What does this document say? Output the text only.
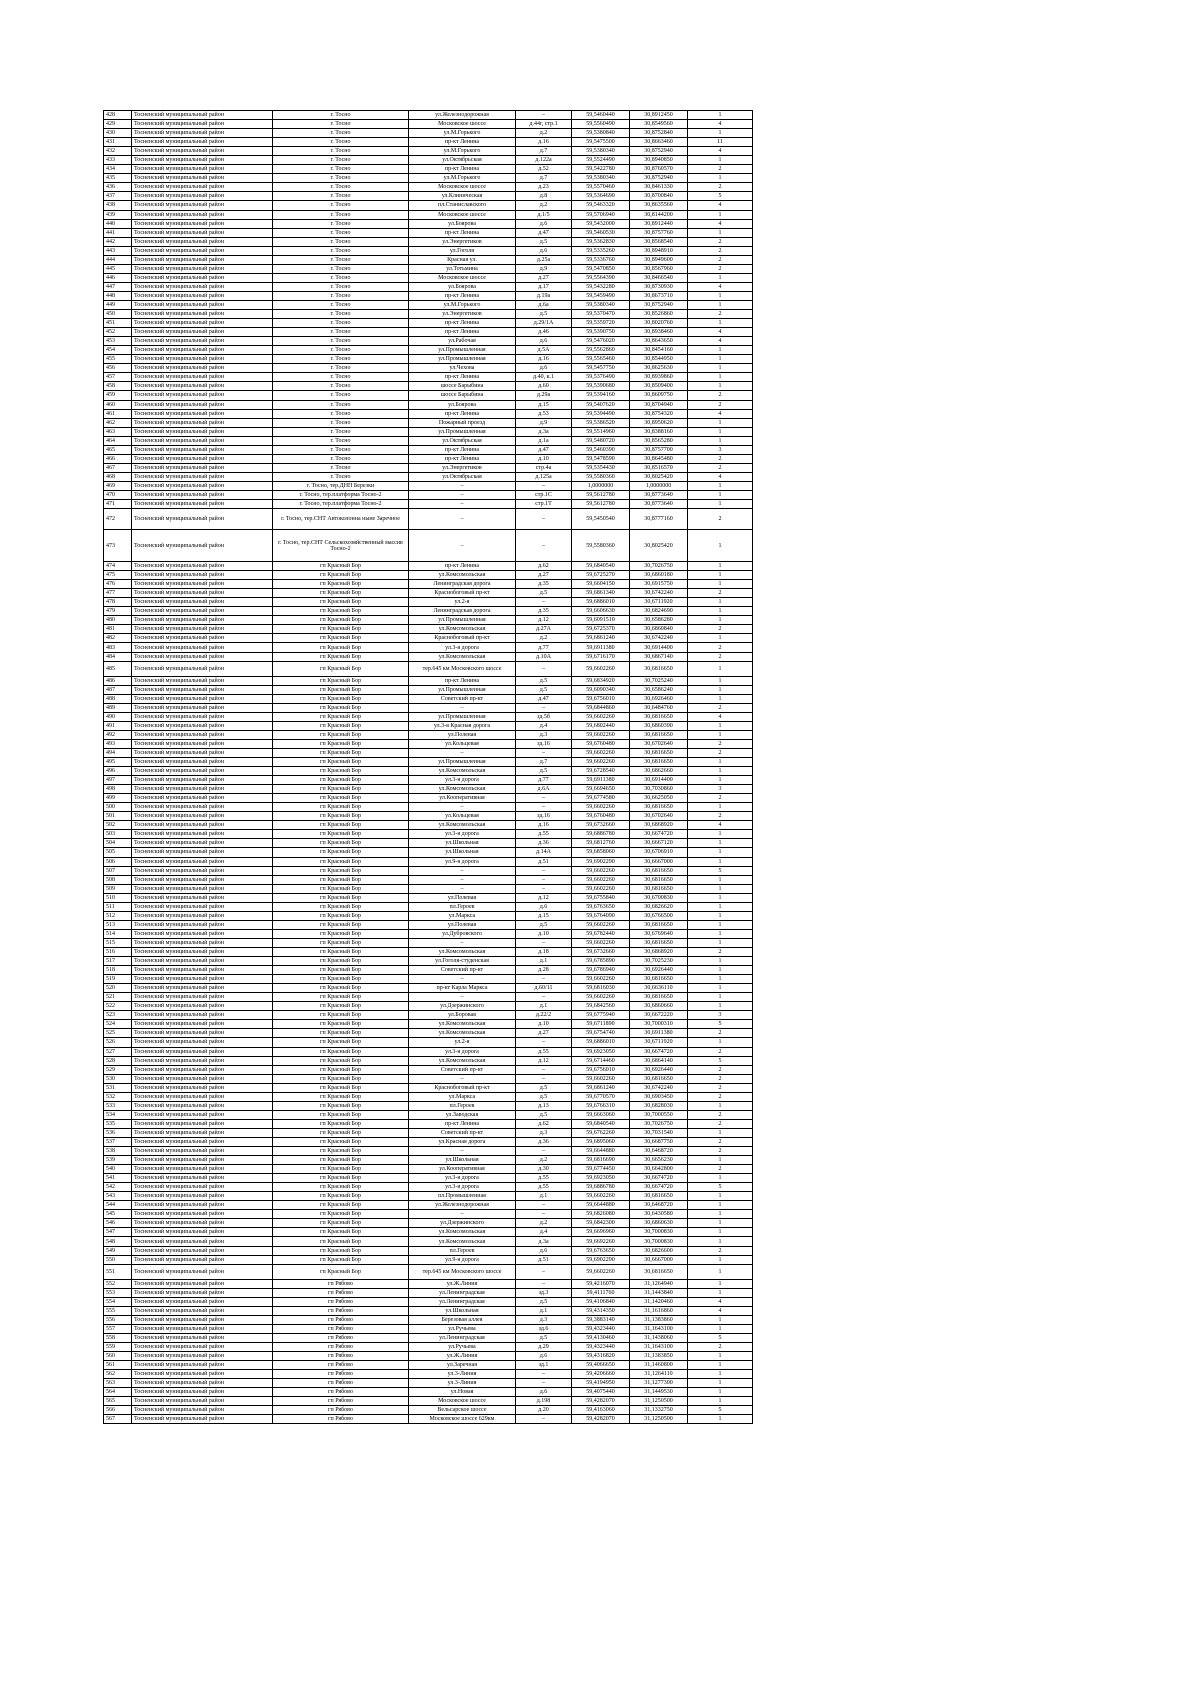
428	Тосненский муниципальный район	г. Тосно	ул.Железнодорожная	–	59,5460440	30,8912450	1
429	Тосненский муниципальный район	г. Тосно	Московское шоссе	д.44г, стр.1	59,5560490	30,8549560	4
430	Тосненский муниципальный район	г. Тосно	ул.М.Горького	д.2	59,5380840	30,8752840	1
431	Тосненский муниципальный район	г. Тосно	пр-кт Ленина	д.16	59,5475500	30,8663460	11
432	Тосненский муниципальный район	г. Тосно	ул.М.Горького	д.7	59,5380340	30,8752940	4
433	Тосненский муниципальный район	г. Тосно	ул.Октябрьская	д.122а	59,5524490	30,8940850	1
434	Тосненский муниципальный район	г. Тосно	пр-кт Ленина	д.52	59,5422780	30,8760570	2
435	Тосненский муниципальный район	г. Тосно	ул.М.Горького	д.7	59,5380340	30,8752940	1
436	Тосненский муниципальный район	г. Тосно	Московское шоссе	д.23	59,5570460	30,8461330	2
437	Тосненский муниципальный район	г. Тосно	ул.Клиническая	д.8	59,5364690	30,8700840	5
438	Тосненский муниципальный район	г. Тосно	пл.Станиславского	д.2	59,5463320	30,8635560	4
439	Тосненский муниципальный район	г. Тосно	Московское шоссе	д.1/5	59,5706940	30,8144200	1
440	Тосненский муниципальный район	г. Тосно	ул.Боярова	д.6	59,5432000	30,8912440	4
441	Тосненский муниципальный район	г. Тосно	пр-кт Ленина	д.47	59,5460530	30,8757760	1
442	Тосненский муниципальный район	г. Тосно	ул.Энергетиков	д.5	59,5362830	30,8568540	2
443	Тосненский муниципальный район	г. Тосно	ул.Гоголя	д.6	59,5335260	30,8948910	2
444	Тосненский муниципальный район	г. Тосно	Красная ул.	д.25а	59,5336760	30,8949600	2
445	Тосненский муниципальный район	г. Тосно	ул.Тотьмина	д.9	59,5470850	30,8567960	2
446	Тосненский муниципальный район	г. Тосно	Московское шоссе	д.27	59,5564390	30,8466540	1
447	Тосненский муниципальный район	г. Тосно	ул.Боярова	д.17	59,5432280	30,8730930	4
448	Тосненский муниципальный район	г. Тосно	пр-кт Ленина	д.19а	59,5459490	30,8673710	1
449	Тосненский муниципальный район	г. Тосно	ул.М.Горького	д.6а	59,5380340	30,8752940	1
450	Тосненский муниципальный район	г. Тосно	ул.Энергетиков	д.5	59,5370470	30,8526860	2
451	Тосненский муниципальный район	г. Тосно	пр-кт Ленина	д.29/1А	59,5359720	30,8020760	1
452	Тосненский муниципальный район	г. Тосно	пр-кт Ленина	д.46	59,5390750	30,8938460	4
453	Тосненский муниципальный район	г. Тосно	ул.Рабочая	д.6	59,5476020	30,8643650	4
454	Тосненский муниципальный район	г. Тосно	ул.Промышленная	д.5А	59,5562860	30,8454160	1
455	Тосненский муниципальный район	г. Тосно	ул.Промышленная	д.16	59,5565460	30,8544950	1
456	Тосненский муниципальный район	г. Тосно	ул.Чехова	д.6	59,5457750	30,8625630	1
457	Тосненский муниципальный район	г. Тосно	пр-кт Ленина	д.40, к.1	59,5376490	30,8939860	1
458	Тосненский муниципальный район	г. Тосно	шоссе Барыбина	д.60	59,5390680	30,8509400	1
459	Тосненский муниципальный район	г. Тосно	шоссе Барыбина	д.29а	59,5394160	30,8609750	2
460	Тосненский муниципальный район	г. Тосно	ул.Боярова	д.15	59,5407620	30,8704940	2
461	Тосненский муниципальный район	г. Тосно	пр-кт Ленина	д.53	59,5394490	30,8754320	4
462	Тосненский муниципальный район	г. Тосно	Пожарный проезд	д.9	59,5386520	30,8950620	1
463	Тосненский муниципальный район	г. Тосно	ул.Промышленная	д.3а	59,5514960	30,8388160	1
464	Тосненский муниципальный район	г. Тосно	ул.Октябрьская	д.1а	59,5480720	30,8565280	1
465	Тосненский муниципальный район	г. Тосно	пр-кт Ленина	д.47	59,5460390	30,8757700	3
466	Тосненский муниципальный район	г. Тосно	пр-кт Ленина	д.10	59,5478590	30,8645480	2
467	Тосненский муниципальный район	г. Тосно	ул.Энергетиков	стр.4а	59,5354430	30,8516570	2
468	Тосненский муниципальный район	г. Тосно	ул.Октябрьская	д.125а	59,5580360	30,8025420	4
469	Тосненский муниципальный район	г. Тосно, тер.ДНП Березки	–	–	1,0000000	1,0000000	1
470	Тосненский муниципальный район	г. Тосно, тер.платформа Тосно-2	–	стр.1С	59,5612780	30,8773640	1
471	Тосненский муниципальный район	г. Тосно, тер.платформа Тосно-2	–	стр.1Т	59,5612780	30,8773640	1
472	Тосненский муниципальный район	г. Тосно, тер.СНТ Автоколонна ныне Заречное	–	–	59,5450540	30,8777160	2
473	Тосненский муниципальный район	г. Тосно, тер.СНТ Сельскохозяйственный массив Тосно-2	–	–	59,5580360	30,8025420	1
474	Тосненский муниципальный район	гп Красный Бор	пр-кт Ленина	д.62	59,6840540	30,7026750	1
475	Тосненский муниципальный район	гп Красный Бор	ул.Комсомольская	д.27	59,6725270	30,6860180	1
476	Тосненский муниципальный район	гп Красный Бор	Ленинградская дорога	д.35	59,6604150	30,6915750	1
477	Тосненский муниципальный район	гп Красный Бор	Краснобоговый пр-кт	д.5	59,6861340	30,6742240	2
478	Тосненский муниципальный район	гп Красный Бор	ул.2-я	–	59,6886010	30,6711920	1
479	Тосненский муниципальный район	гп Красный Бор	Ленинградская дорога	д.35	59,6606630	30,6824690	1
480	Тосненский муниципальный район	гп Красный Бор	ул.Промышленная	д.12	59,6091510	30,6586280	1
481	Тосненский муниципальный район	гп Красный Бор	ул.Комсомольская	д.27А	59,6725370	30,6860840	2
482	Тосненский муниципальный район	гп Красный Бор	Краснобоговый пр-кт	д.2	59,6861240	30,6742240	1
483	Тосненский муниципальный район	гп Красный Бор	ул.3-я дорога	д.77	59,6911380	30,6914400	2
484	Тосненский муниципальный район	гп Красный Бор	ул.Комсомольская	д.10А	59,6716170	30,6867140	2
485	Тосненский муниципальный район	гп Красный Бор	тер.645 км Московского шоссе	–	59,6602260	30,6816650	1
486	Тосненский муниципальный район	гп Красный Бор	пр-кт Ленина	д.5	59,6834920	30,7025240	1
487	Тосненский муниципальный район	гп Красный Бор	ул.Промышленная	д.5	59,6090340	30,6586240	1
488	Тосненский муниципальный район	гп Красный Бор	Советский пр-кт	д.47	59,6756010	30,6926460	1
489	Тосненский муниципальный район	гп Красный Бор	–	–	59,6844860	30,6484760	2
490	Тосненский муниципальный район	гп Красный Бор	ул.Промышленная	зд.5б	59,6602260	30,6816650	4
491	Тосненский муниципальный район	гп Красный Бор	ул.3-я Красная дорога	д.4	59,6802440	30,6860390	1
492	Тосненский муниципальный район	гп Красный Бор	ул.Полевая	д.3	59,6602260	30,6816650	1
493	Тосненский муниципальный район	гп Красный Бор	ул.Кольцевая	зд.16	59,6760480	30,6702640	2
494	Тосненский муниципальный район	гп Красный Бор	–	–	59,6602260	30,6816650	2
495	Тосненский муниципальный район	гп Красный Бор	ул.Промышленная	д.7	59,6602260	30,6816650	1
496	Тосненский муниципальный район	гп Красный Бор	ул.Комсомольская	д.5	59,6728540	30,6862660	1
497	Тосненский муниципальный район	гп Красный Бор	ул.3-я дорога	д.77	59,6911380	30,6914400	1
498	Тосненский муниципальный район	гп Красный Бор	ул.Комсомольская	д.6А	59,6694650	30,7030860	3
499	Тосненский муниципальный район	гп Красный Бор	ул.Кооперативная	–	59,6774580	30,6625050	2
500	Тосненский муниципальный район	гп Красный Бор	–	–	59,6602260	30,6816650	1
501	Тосненский муниципальный район	гп Красный Бор	ул.Кольцевая	зд.16	59,6760480	30,6702640	2
502	Тосненский муниципальный район	гп Красный Бор	ул.Комсомольская	д.16	59,6732660	30,6868920	4
503	Тосненский муниципальный район	гп Красный Бор	ул.3-я дорога	д.55	59,6886780	30,6674720	1
504	Тосненский муниципальный район	гп Красный Бор	ул.Школьная	д.36	59,6812760	30,6667120	1
505	Тосненский муниципальный район	гп Красный Бор	ул.Школьная	д.14А	59,6858060	30,6706910	1
506	Тосненский муниципальный район	гп Красный Бор	ул.9-я дорога	д.51	59,6902290	30,6667000	1
507	Тосненский муниципальный район	гп Красный Бор	–	–	59,6602260	30,6816650	5
508	Тосненский муниципальный район	гп Красный Бор	–	–	59,6602260	30,6816650	1
509	Тосненский муниципальный район	гп Красный Бор	–	–	59,6602260	30,6816650	1
510	Тосненский муниципальный район	гп Красный Бор	ул.Полевая	д.12	59,6755840	30,6700830	1
511	Тосненский муниципальный район	гп Красный Бор	пл.Героев	д.6	59,6763650	30,6826620	1
512	Тосненский муниципальный район	гп Красный Бор	ул.Маркса	д.15	59,6764090	30,6766500	1
513	Тосненский муниципальный район	гп Красный Бор	ул.Полевая	д.5	59,6602260	30,6816650	1
514	Тосненский муниципальный район	гп Красный Бор	ул.Дубровского	д.10	59,6782440	30,6769640	1
515	Тосненский муниципальный район	гп Красный Бор	–	–	59,6602260	30,6816650	1
516	Тосненский муниципальный район	гп Красный Бор	ул.Комсомольская	д.18	59,6732660	30,6868920	2
517	Тосненский муниципальный район	гп Красный Бор	ул.Гоголя-студенская	д.1	59,6785890	30,7025230	1
518	Тосненский муниципальный район	гп Красный Бор	Советский пр-кт	д.28	59,6786940	30,6926440	1
519	Тосненский муниципальный район	гп Красный Бор	–	–	59,6602260	30,6816650	1
520	Тосненский муниципальный район	гп Красный Бор	пр-кт Карла Маркса	д.60/11	59,6816030	30,6636110	1
521	Тосненский муниципальный район	гп Красный Бор	–	–	59,6602260	30,6816650	1
522	Тосненский муниципальный район	гп Красный Бор	ул.Дзержинского	д.1	59,6842560	30,6860660	1
523	Тосненский муниципальный район	гп Красный Бор	ул.Боровая	д.22/2	59,6775940	30,6672220	3
524	Тосненский муниципальный район	гп Красный Бор	ул.Комсомольская	д.10	59,6711890	30,7000310	5
525	Тосненский муниципальный район	гп Красный Бор	ул.Комсомольская	д.27	59,6754740	30,6911380	2
526	Тосненский муниципальный район	гп Красный Бор	ул.2-я	–	59,6886010	30,6711920	1
527	Тосненский муниципальный район	гп Красный Бор	ул.3-я дорога	д.55	59,6923050	30,6674720	2
528	Тосненский муниципальный район	гп Красный Бор	ул.Комсомольская	д.12	59,6714460	30,6864140	5
529	Тосненский муниципальный район	гп Красный Бор	Советский пр-кт	–	59,6756010	30,6926440	2
530	Тосненский муниципальный район	гп Красный Бор	–	–	59,6602260	30,6816650	2
531	Тосненский муниципальный район	гп Красный Бор	Краснобоговый пр-кт	д.5	59,6861240	30,6742240	2
532	Тосненский муниципальный район	гп Красный Бор	ул.Маркса	д.5	59,6770570	30,6903450	2
533	Тосненский муниципальный район	гп Красный Бор	пл.Героев	д.13	59,6766310	30,6828030	1
534	Тосненский муниципальный район	гп Красный Бор	ул.Заводская	д.5	59,6663060	30,7000550	2
535	Тосненский муниципальный район	гп Красный Бор	пр-кт Ленина	д.62	59,6840540	30,7026750	2
536	Тосненский муниципальный район	гп Красный Бор	Советский пр-кт	д.3	59,6762260	30,7031540	1
537	Тосненский муниципальный район	гп Красный Бор	ул.Красная дорога	д.36	59,6895060	30,6687750	2
538	Тосненский муниципальный район	гп Красный Бор	–	–	59,6644880	30,6468720	2
539	Тосненский муниципальный район	гп Красный Бор	ул.Школьная	д.2	59,6816690	30,6656230	1
540	Тосненский муниципальный район	гп Красный Бор	ул.Кооперативная	д.30	59,6774450	30,6642800	2
541	Тосненский муниципальный район	гп Красный Бор	ул.3-я дорога	д.55	59,6923050	30,6674720	1
542	Тосненский муниципальный район	гп Красный Бор	ул.3-я дорога	д.55	59,6886780	30,6674720	5
543	Тосненский муниципальный район	гп Красный Бор	пл.Промышленная	д.1	59,6602260	30,6816650	1
544	Тосненский муниципальный район	гп Красный Бор	ул.Железнодорожная	–	59,6644880	30,6468720	1
545	Тосненский муниципальный район	гп Красный Бор	–	–	59,6826080	30,6430580	1
546	Тосненский муниципальный район	гп Красный Бор	ул.Дзержинского	д.2	59,6842300	30,6860630	1
547	Тосненский муниципальный район	гп Красный Бор	ул.Комсомольская	д.4	59,6696960	30,7000830	1
548	Тосненский муниципальный район	гп Красный Бор	ул.Комсомольская	д.3а	59,6692260	30,7000830	1
549	Тосненский муниципальный район	гп Красный Бор	пл.Героев	д.6	59,6763650	30,6826600	2
550	Тосненский муниципальный район	гп Красный Бор	ул.9-я дорога	д.51	59,6902290	30,6667000	1
551	Тосненский муниципальный район	гп Красный Бор	тер.645 км Московского шоссе	–	59,6602260	30,6816650	1
552	Тосненский муниципальный район	гп Рябово	ул.Ж.Линия	–	59,4216070	31,1264940	1
553	Тосненский муниципальный район	гп Рябово	ул.Ленинградская	зд.3	59,4111760	31,1443840	1
554	Тосненский муниципальный район	гп Рябово	ул.Ленинградская	д.5	59,4106840	31,1420460	4
555	Тосненский муниципальный район	гп Рябово	ул.Школьная	д.1	59,4314350	31,1616860	4
556	Тосненский муниципальный район	гп Рябово	Березовая аллея	д.3	59,3883140	31,1383860	1
557	Тосненский муниципальный район	гп Рябово	ул.Ручьева	зд.6	59,4323440	31,1643100	1
558	Тосненский муниципальный район	гп Рябово	ул.Ленинградская	д.5	59,4130460	31,1438060	5
559	Тосненский муниципальный район	гп Рябово	ул.Ручьева	д.29	59,4323440	31,1643100	2
560	Тосненский муниципальный район	гп Рябово	ул.Ж.Линия	д.6	59,4316820	31,1383850	1
561	Тосненский муниципальный район	гп Рябово	ул.Заречная	зд.1	59,4066650	31,1460800	1
562	Тосненский муниципальный район	гп Рябово	ул.3-Линия	–	59,4206660	31,1264110	1
563	Тосненский муниципальный район	гп Рябово	ул.3-Линия	–	59,4194950	31,1277300	1
564	Тосненский муниципальный район	гп Рябово	ул.Новая	д.6	59,4075440	31,1449530	1
565	Тосненский муниципальный район	гп Рябово	Московское шоссе	д.198	59,4282070	31,1250500	1
566	Тосненский муниципальный район	гп Рябово	Вельсарское шоссе	д.20	59,4163060	31,1332750	5
567	Тосненский муниципальный район	гп Рябово	Московское шоссе 629км	–	59,4282070	31,1250500	1
